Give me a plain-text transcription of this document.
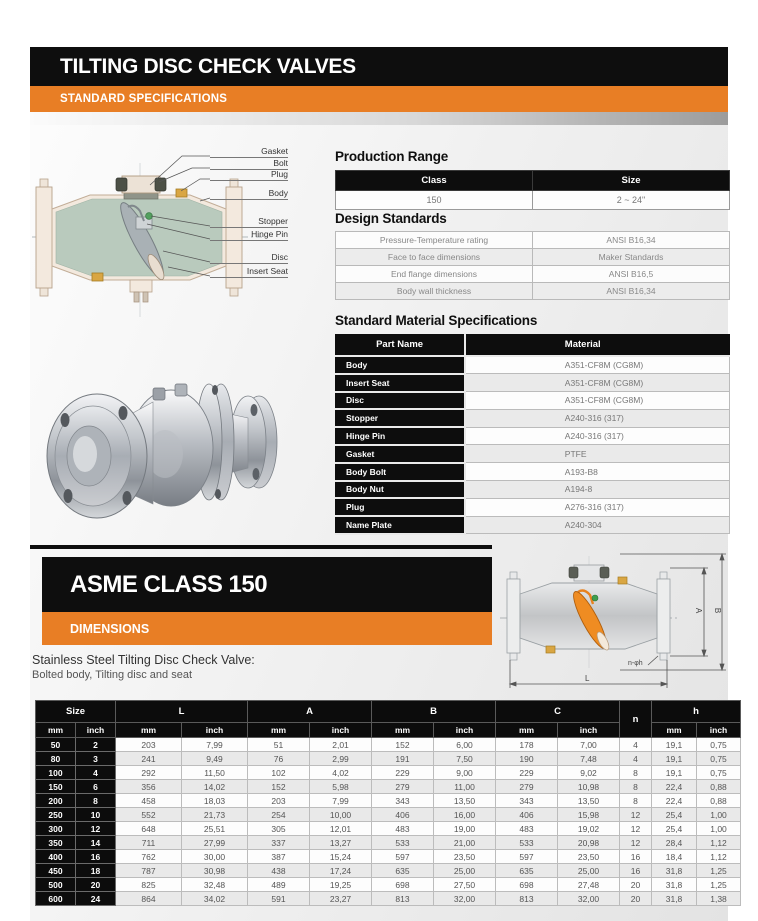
TILTING DISC CHECK VALVES
STANDARD SPECIFICATIONS
Gasket
Bolt
Plug
Body
Stopper
Hinge Pin
Disc
Insert Seat
Production Range
Class	Size
150	2 ~ 24"
Design Standards
Pressure-Temperature rating	ANSI B16,34
Face to face dimensions	Maker Standards
End flange dimensions	ANSI B16,5
Body wall thickness	ANSI B16,34
Standard Material Specifications
Part Name	Material
Body	A351-CF8M (CG8M)
Insert Seat	A351-CF8M (CG8M)
Disc	A351-CF8M (CG8M)
Stopper	A240-316 (317)
Hinge Pin	A240-316 (317)
Gasket	PTFE
Body Bolt	A193-B8
Body Nut	A194-8
Plug	A276-316 (317)
Name Plate	A240-304
ASME CLASS 150
DIMENSIONS
Stainless Steel Tilting Disc Check Valve:
Bolted body, Tilting disc and seat
A B
L
n-φh
Size		L		A		B		C		n	h	
mm	inch	mm	inch	mm	inch	mm	inch	mm	inch		mm	inch
50	2	203	7,99	51	2,01	152	6,00	178	7,00	4	19,1	0,75
80	3	241	9,49	76	2,99	191	7,50	190	7,48	4	19,1	0,75
100	4	292	11,50	102	4,02	229	9,00	229	9,02	8	19,1	0,75
150	6	356	14,02	152	5,98	279	11,00	279	10,98	8	22,4	0,88
200	8	458	18,03	203	7,99	343	13,50	343	13,50	8	22,4	0,88
250	10	552	21,73	254	10,00	406	16,00	406	15,98	12	25,4	1,00
300	12	648	25,51	305	12,01	483	19,00	483	19,02	12	25,4	1,00
350	14	711	27,99	337	13,27	533	21,00	533	20,98	12	28,4	1,12
400	16	762	30,00	387	15,24	597	23,50	597	23,50	16	18,4	1,12
450	18	787	30,98	438	17,24	635	25,00	635	25,00	16	31,8	1,25
500	20	825	32,48	489	19,25	698	27,50	698	27,48	20	31,8	1,25
600	24	864	34,02	591	23,27	813	32,00	813	32,00	20	31,8	1,38
